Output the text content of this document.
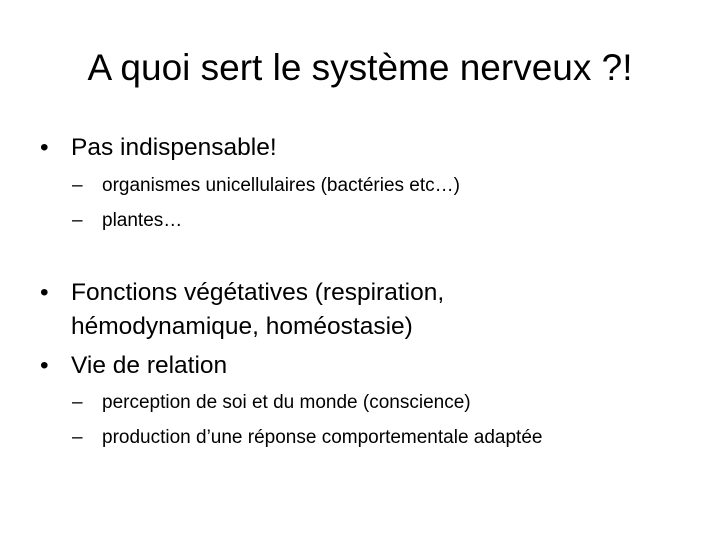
A quoi sert le système nerveux ?!
• Pas indispensable!
– organismes unicellulaires (bactéries etc…)
– plantes…
• Fonctions végétatives (respiration,
hémodynamique, homéostasie)
• Vie de relation
– perception de soi et du monde (conscience)
– production d’une réponse comportementale adaptée
